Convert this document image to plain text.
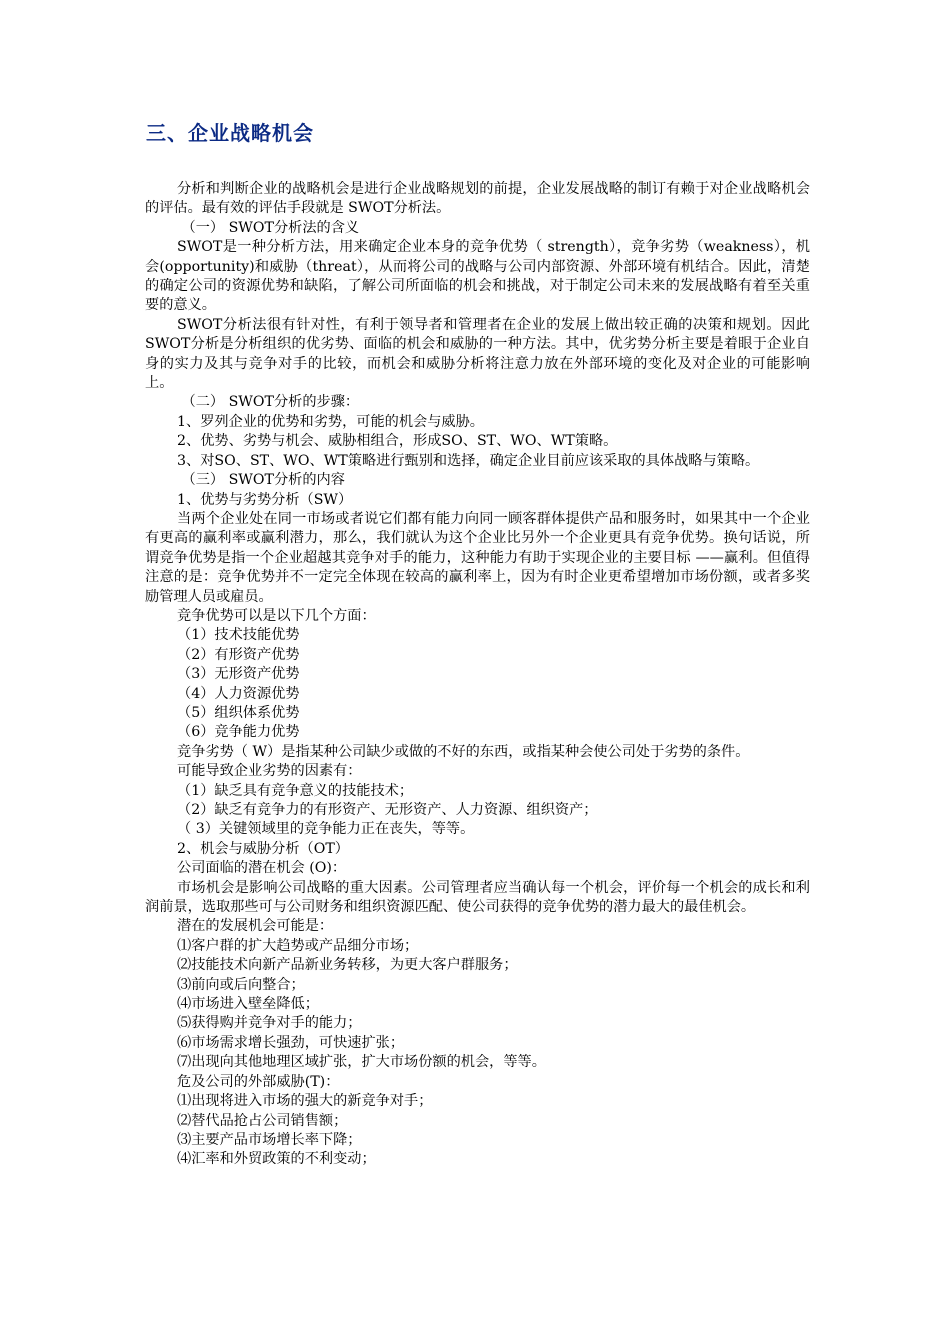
三、企业战略机会

分析和判断企业的战略机会是进行企业战略规划的前提，企业发展战略的制订有赖于对企业战略机会的评估。最有效的评估手段就是 SWOT分析法。

（一） SWOT分析法的含义

SWOT是一种分析方法，用来确定企业本身的竞争优势（ strength），竞争劣势（weakness），机会(opportunity)和威胁（threat），从而将公司的战略与公司内部资源、外部环境有机结合。因此，清楚的确定公司的资源优势和缺陷，了解公司所面临的机会和挑战，对于制定公司未来的发展战略有着至关重要的意义。

SWOT分析法很有针对性，有利于领导者和管理者在企业的发展上做出较正确的决策和规划。因此SWOT分析是分析组织的优劣势、面临的机会和威胁的一种方法。其中，优劣势分析主要是着眼于企业自身的实力及其与竞争对手的比较，而机会和威胁分析将注意力放在外部环境的变化及对企业的可能影响上。

（二） SWOT分析的步骤：

1、罗列企业的优势和劣势，可能的机会与威胁。

2、优势、劣势与机会、威胁相组合，形成SO、ST、WO、WT策略。

3、对SO、ST、WO、WT策略进行甄别和选择，确定企业目前应该采取的具体战略与策略。

（三） SWOT分析的内容

1、优势与劣势分析（SW）

当两个企业处在同一市场或者说它们都有能力向同一顾客群体提供产品和服务时，如果其中一个企业有更高的赢利率或赢利潜力，那么，我们就认为这个企业比另外一个企业更具有竞争优势。换句话说，所谓竞争优势是指一个企业超越其竞争对手的能力，这种能力有助于实现企业的主要目标 ——赢利。但值得注意的是：竞争优势并不一定完全体现在较高的赢利率上，因为有时企业更希望增加市场份额，或者多奖励管理人员或雇员。

竞争优势可以是以下几个方面：

（1）技术技能优势

（2）有形资产优势

（3）无形资产优势

（4）人力资源优势

（5）组织体系优势

（6）竞争能力优势

竞争劣势（ W）是指某种公司缺少或做的不好的东西，或指某种会使公司处于劣势的条件。

可能导致企业劣势的因素有：

（1）缺乏具有竞争意义的技能技术；

（2）缺乏有竞争力的有形资产、无形资产、人力资源、组织资产；

（ 3）关键领域里的竞争能力正在丧失，等等。

2、机会与威胁分析（OT）

公司面临的潜在机会 (O)：

市场机会是影响公司战略的重大因素。公司管理者应当确认每一个机会，评价每一个机会的成长和利润前景，选取那些可与公司财务和组织资源匹配、使公司获得的竞争优势的潜力最大的最佳机会。

潜在的发展机会可能是：

⑴客户群的扩大趋势或产品细分市场；

⑵技能技术向新产品新业务转移，为更大客户群服务；

⑶前向或后向整合；

⑷市场进入壁垒降低；

⑸获得购并竞争对手的能力；

⑹市场需求增长强劲，可快速扩张；

⑺出现向其他地理区域扩张，扩大市场份额的机会，等等。

危及公司的外部威胁(T)：

⑴出现将进入市场的强大的新竞争对手；

⑵替代品抢占公司销售额；

⑶主要产品市场增长率下降；

⑷汇率和外贸政策的不利变动；
